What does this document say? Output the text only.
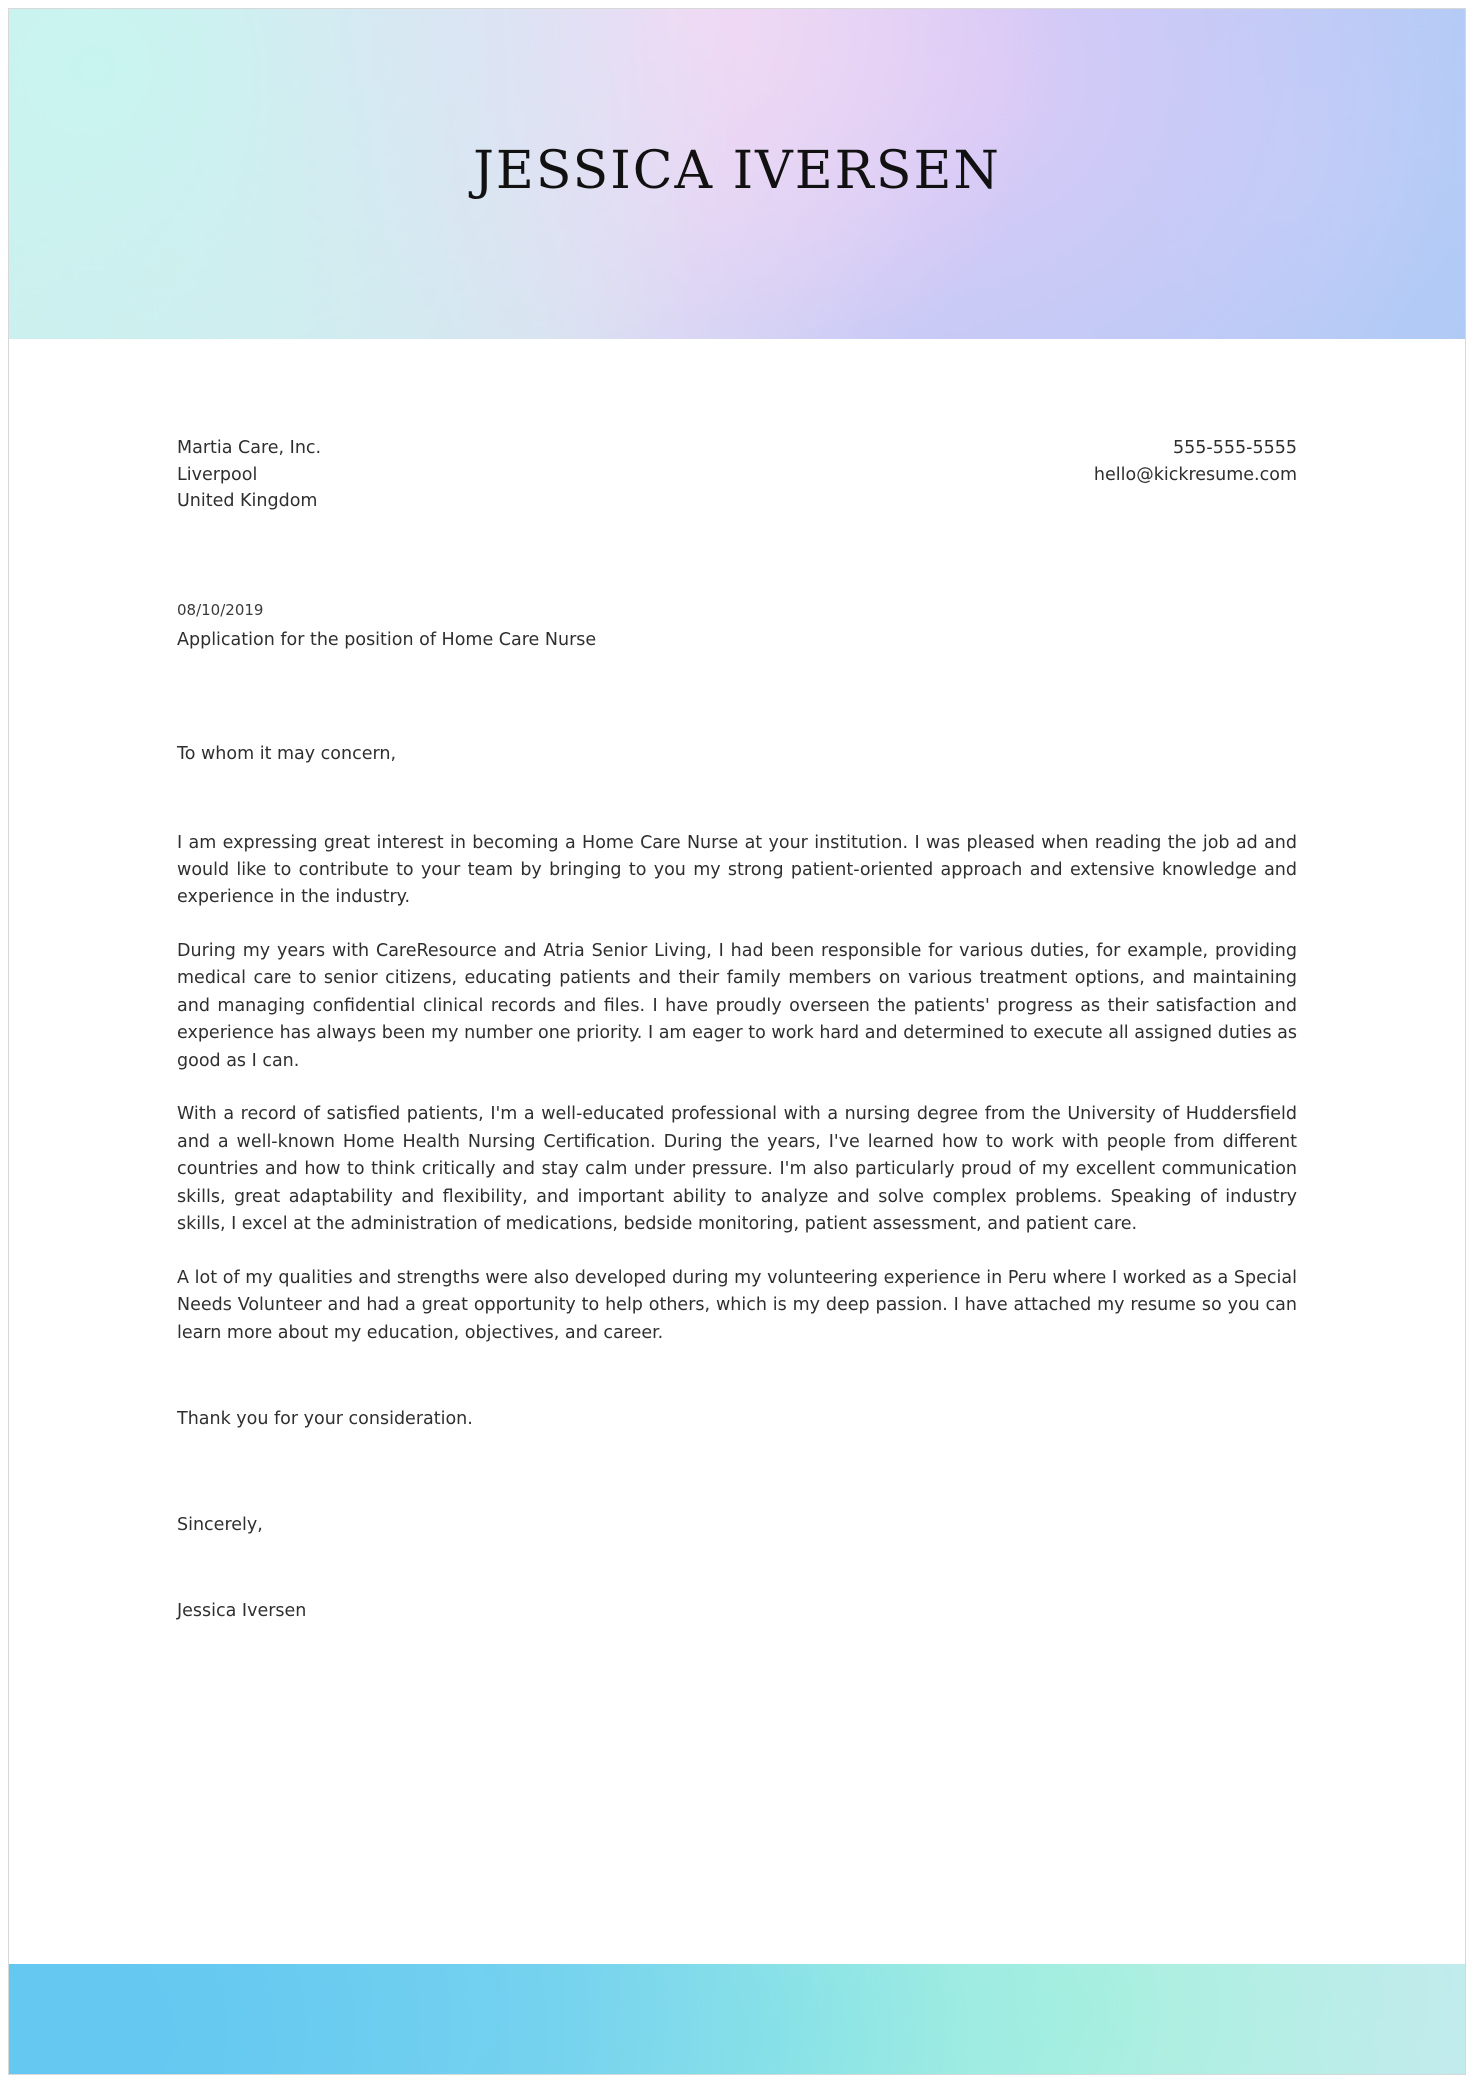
JESSICA IVERSEN
Martia Care, Inc.
Liverpool
United Kingdom
555-555-5555
hello@kickresume.com
08/10/2019
Application for the position of Home Care Nurse
To whom it may concern,

I am expressing great interest in becoming a Home Care Nurse at your institution. I was pleased when reading the job ad and would like to contribute to your team by bringing to you my strong patient-oriented approach and extensive knowledge and experience in the industry.

During my years with CareResource and Atria Senior Living, I had been responsible for various duties, for example, providing medical care to senior citizens, educating patients and their family members on various treatment options, and maintaining and managing confidential clinical records and files. I have proudly overseen the patients' progress as their satisfaction and experience has always been my number one priority. I am eager to work hard and determined to execute all assigned duties as good as I can.

With a record of satisfied patients, I'm a well-educated professional with a nursing degree from the University of Huddersfield and a well-known Home Health Nursing Certification. During the years, I've learned how to work with people from different countries and how to think critically and stay calm under pressure. I'm also particularly proud of my excellent communication skills, great adaptability and flexibility, and important ability to analyze and solve complex problems. Speaking of industry skills, I excel at the administration of medications, bedside monitoring, patient assessment, and patient care.

A lot of my qualities and strengths were also developed during my volunteering experience in Peru where I worked as a Special Needs Volunteer and had a great opportunity to help others, which is my deep passion. I have attached my resume so you can learn more about my education, objectives, and career.

Thank you for your consideration.
Sincerely,
Jessica Iversen
